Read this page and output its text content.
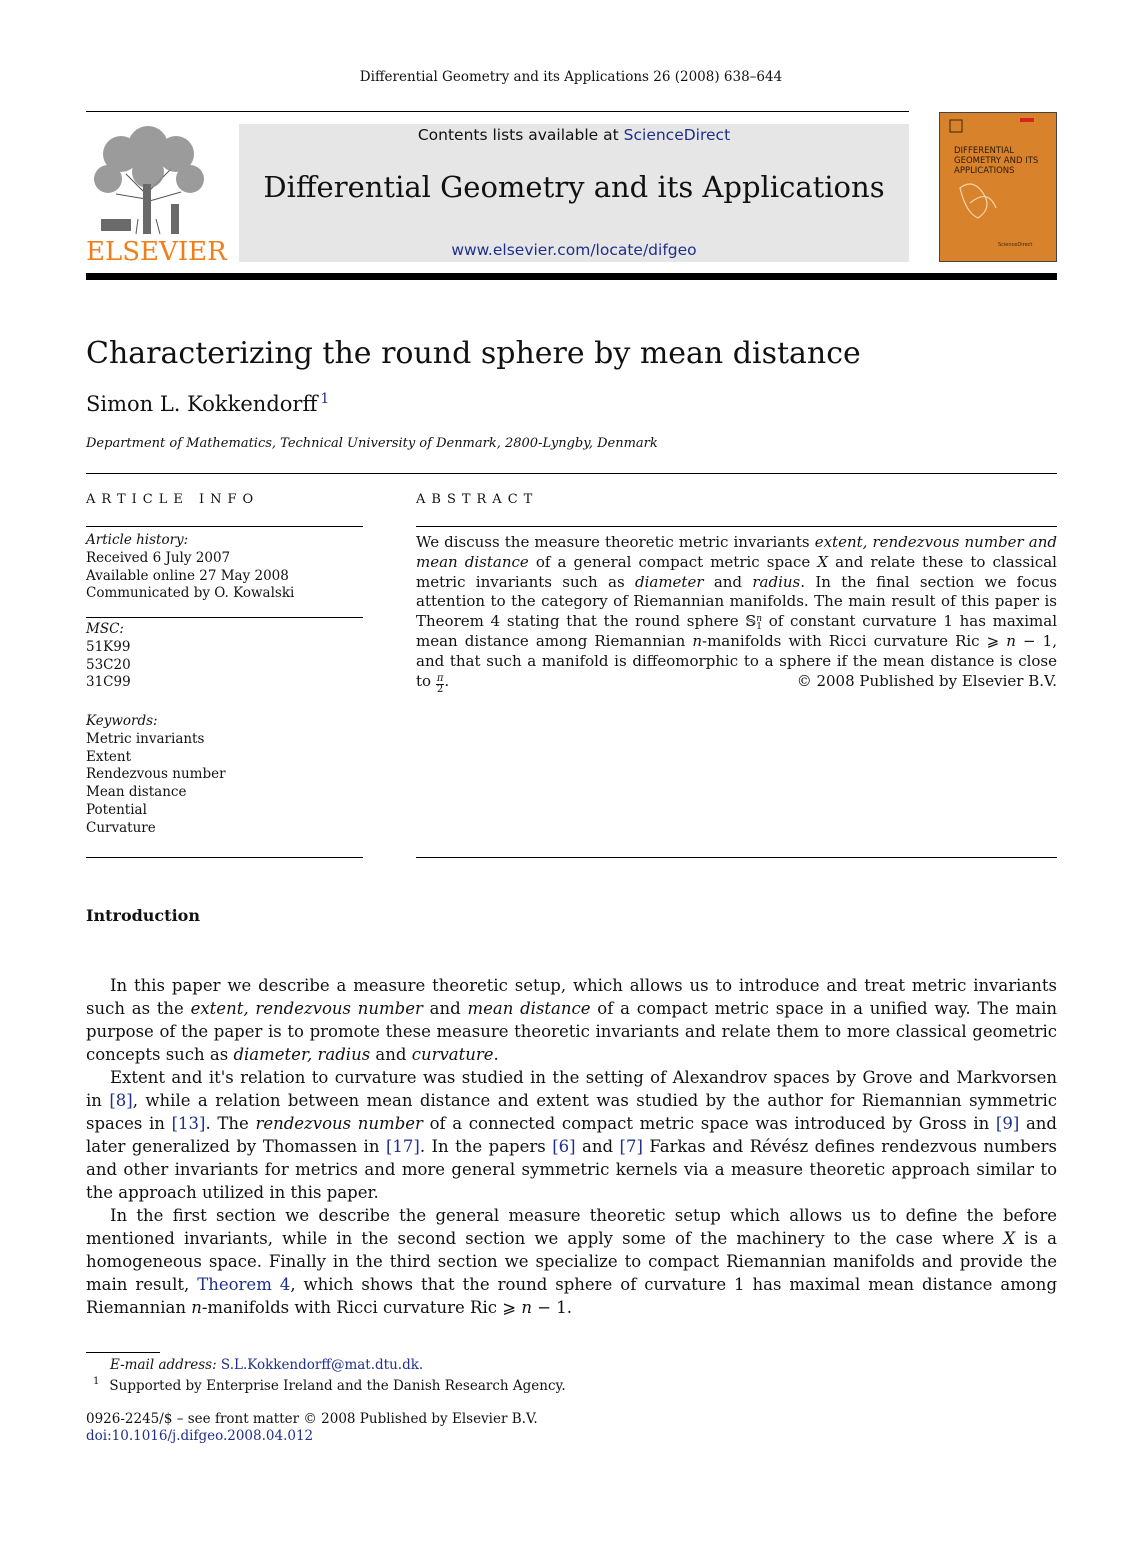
Differential Geometry and its Applications 26 (2008) 638–644
ELSEVIER
Contents lists available at ScienceDirect
Differential Geometry and its Applications
www.elsevier.com/locate/difgeo	ScienceDirect
DIFFERENTIAL GEOMETRY AND ITS APPLICATIONS
Characterizing the round sphere by mean distance
Simon L. Kokkendorff $^1$
Department of Mathematics, Technical University of Denmark, 2800-Lyngby, Denmark
ARTICLE INFO
Article history:
Received 6 July 2007
Available online 27 May 2008
Communicated by O. Kowalski
MSC:
51K99
53C20
31C99
Keywords:
Metric invariants
Extent
Rendezvous number
Mean distance
Potential
Curvature
ABSTRACT
We discuss the measure theoretic metric invariants extent, rendezvous number and mean distance of a general compact metric space X and relate these to classical metric invariants such as diameter and radius. In the final section we focus attention to the category of Riemannian manifolds. The main result of this paper is Theorem 4 stating that the round sphere 𝕊 n
1 of constant curvature 1 has maximal mean distance among Riemannian n-manifolds with Ricci curvature Ric ⩾ n − 1, and that such a manifold is diffeomorphic to a sphere if the mean distance is close to $\frac{\pi}{2}$ .	© 2008 Published by Elsevier B.V.
Introduction

In this paper we describe a measure theoretic setup, which allows us to introduce and treat metric invariants such as the extent, rendezvous number and mean distance of a compact metric space in a unified way. The main purpose of the paper is to promote these measure theoretic invariants and relate them to more classical geometric concepts such as diameter, radius and curvature.

Extent and it's relation to curvature was studied in the setting of Alexandrov spaces by Grove and Markvorsen in [8], while a relation between mean distance and extent was studied by the author for Riemannian symmetric spaces in [13]. The rendezvous number of a connected compact metric space was introduced by Gross in [9] and later generalized by Thomassen in [17]. In the papers [6] and [7] Farkas and Révész defines rendezvous numbers and other invariants for metrics and more general symmetric kernels via a measure theoretic approach similar to the approach utilized in this paper.

In the first section we describe the general measure theoretic setup which allows us to define the before mentioned invariants, while in the second section we apply some of the machinery to the case where X is a homogeneous space. Finally in the third section we specialize to compact Riemannian manifolds and provide the main result, Theorem 4, which shows that the round sphere of curvature 1 has maximal mean distance among Riemannian n-manifolds with Ricci curvature Ric ⩾ n − 1.

E-mail address: S.L.Kokkendorff@mat.dtu.dk.
$^1$ Supported by Enterprise Ireland and the Danish Research Agency.
0926-2245/$ – see front matter © 2008 Published by Elsevier B.V.
doi:10.1016/j.difgeo.2008.04.012
